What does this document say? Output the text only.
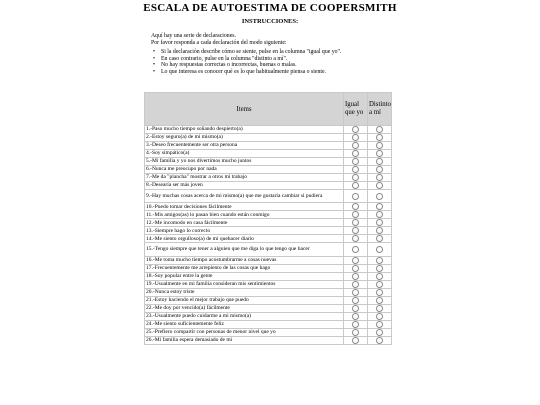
ESCALA DE AUTOESTIMA DE COOPERSMITH
INSTRUCCIONES:

Aquí hay una serie de declaraciones.

Por favor responda a cada declaración del modo siguiente:

• Si la declaración describe cómo se siente, pulse en la columna "igual que yo".
• En caso contrario, pulse en la columna "distinto a mí".
• No hay respuestas correctas o incorrectas, buenas o malas.
• Lo que interesa es conocer qué es lo que habitualmente piensa o siente.
Items	Igual que yo	Distinto a mí
1.-Paso mucho tiempo soñando despierto(a)		
2.-Estoy seguro(a) de mi mismo(a)		
3.-Deseo frecuentemente ser otra persona		
4.-Soy simpático(a)		
5.-Mi familia y yo nos divertimos mucho juntos		
6.-Nunca me preocupo por nada		
7.-Me da "plancha" mostrar a otros mi trabajo		
8.-Desearía ser más joven		
9.-Hay muchas cosas acerca de mi mismo(a) que me gustaría cambiar si pudiera		
10.-Puedo tomar decisiones fácilmente		
11.-Mis amigos(as) lo pasan bien cuando están conmigo		
12.-Me incomodo en casa fácilmente		
13.-Siempre hago lo correcto		
14.-Me siento orgulloso(a) de mi quehacer diario		
15.-Tengo siempre que tener a alguien que me diga lo que tengo que hacer		
16.-Me toma mucho tiempo acostumbrarme a cosas nuevas		
17.-Frecuentemente me arrepiento de las cosas que hago		
18.-Soy popular entre la gente		
19.-Usualmente en mi familia consideran mis sentimientos		
20.-Nunca estoy triste		
21.-Estoy haciendo el mejor trabajo que puedo		
22.-Me doy por vencido(a) fácilmente		
23.-Usualmente puedo cuidarme a mi mismo(a)		
24.-Me siento suficientemente feliz		
25.-Prefiero compartir con personas de menor nivel que yo		
26.-Mi familia espera demasiado de mi		
